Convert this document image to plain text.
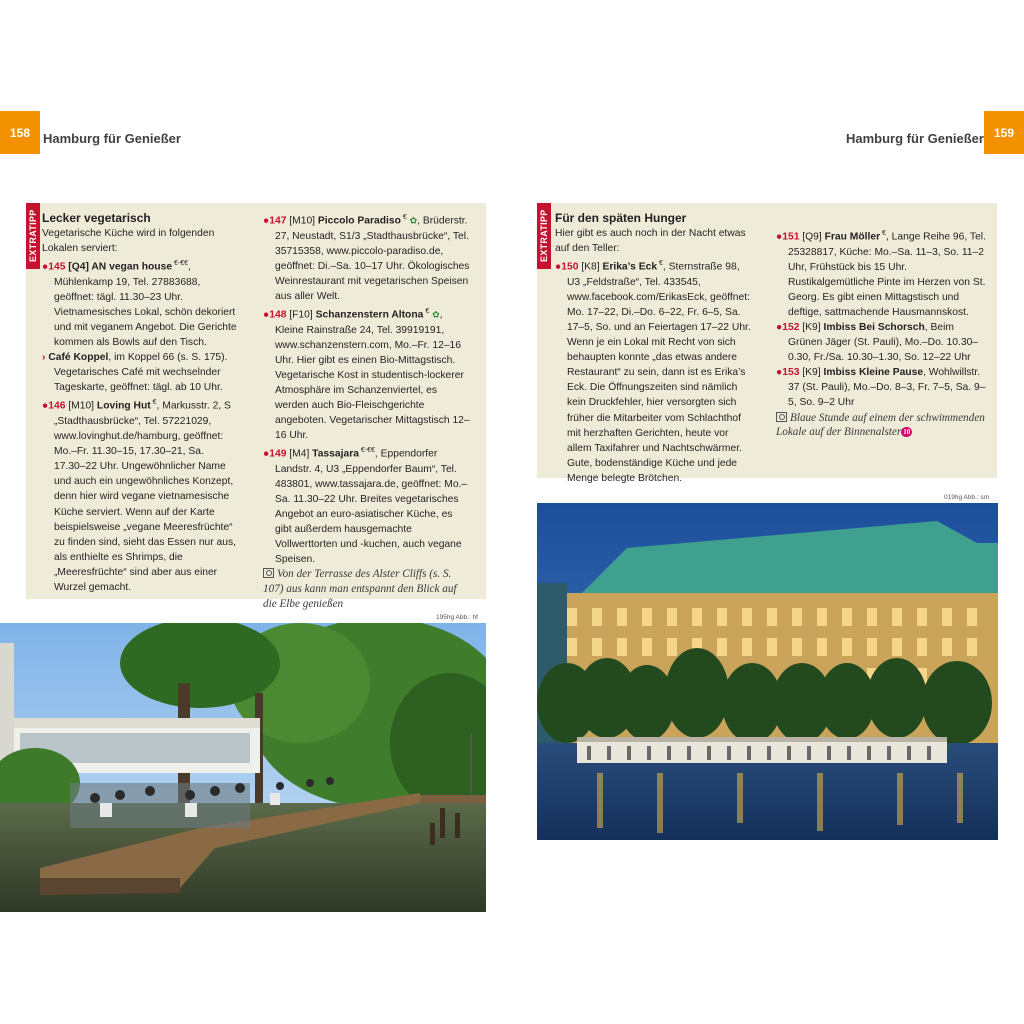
158 Hamburg für Genießer
EXTRATIPP Lecker vegetarisch

Vegetarische Küche wird in folgenden Lokalen serviert:

●145 [Q4] AN vegan house €-€€, Mühlenkamp 19, Tel. 27883688, geöffnet: tägl. 11.30–23 Uhr. Vietnamesisches Lokal, schön dekoriert und mit veganem Angebot. Die Gerichte kommen als Bowls auf den Tisch.

› Café Koppel, im Koppel 66 (s. S. 175). Vegetarisches Café mit wechselnder Tageskarte, geöffnet: tägl. ab 10 Uhr.

●146 [M10] Loving Hut €, Markusstr. 2, S „Stadthausbrücke“, Tel. 57221029, www.lovinghut.de/hamburg, geöffnet: Mo.–Fr. 11.30–15, 17.30–21, Sa. 17.30–22 Uhr. Ungewöhnlicher Name und auch ein ungewöhnliches Konzept, denn hier wird vegane vietnamesische Küche serviert. Wenn auf der Karte beispielsweise „vegane Meeresfrüchte“ zu finden sind, sieht das Essen nur aus, als enthielte es Shrimps, die „Meeresfrüchte“ sind aber aus einer Wurzel gemacht.

●147 [M10] Piccolo Paradiso € ✿, Brüderstr. 27, Neustadt, S1/3 „Stadthausbrücke“, Tel. 35715358, www.piccolo-paradiso.de, geöffnet: Di.–Sa. 10–17 Uhr. Ökologisches Weinrestaurant mit vegetarischen Speisen aus aller Welt.

●148 [F10] Schanzenstern Altona € ✿, Kleine Rainstraße 24, Tel. 39919191, www.schanzenstern.com, Mo.–Fr. 12–16 Uhr. Hier gibt es einen Bio-Mittagstisch. Vegetarische Kost in studentisch-lockerer Atmosphäre im Schanzenviertel, es werden auch Bio-Fleischgerichte angeboten. Vegetarischer Mittagstisch 12–16 Uhr.

●149 [M4] Tassajara €-€€, Eppendorfer Landstr. 4, U3 „Eppendorfer Baum“, Tel. 483801, www.tassajara.de, geöffnet: Mo.–Sa. 11.30–22 Uhr. Breites vegetarisches Angebot an euro-asiatischer Küche, es gibt außerdem hausgemachte Vollwerttorten und -kuchen, auch vegane Speisen.

Von der Terrasse des Alster Cliffs (s. S. 107) aus kann man entspannt den Blick auf die Elbe genießen

195hg Abb.: hf
Hamburg für Genießer 159
EXTRATIPP Für den späten Hunger

Hier gibt es auch noch in der Nacht etwas auf den Teller:

●150 [K8] Erika’s Eck €, Sternstraße 98, U3 „Feldstraße“, Tel. 433545, www.facebook.com/ErikasEck, geöffnet: Mo. 17–22, Di.–Do. 6–22, Fr. 6–5, Sa. 17–5, So. und an Feiertagen 17–22 Uhr. Wenn je ein Lokal mit Recht von sich behaupten konnte „das etwas andere Restaurant“ zu sein, dann ist es Erika’s Eck. Die Öffnungszeiten sind nämlich kein Druckfehler, hier versorgten sich früher die Mitarbeiter vom Schlachthof mit herzhaften Gerichten, heute vor allem Taxifahrer und Nachtschwärmer. Gute, bodenständige Küche und jede Menge belegte Brötchen.

●151 [Q9] Frau Möller €, Lange Reihe 96, Tel. 25328817, Küche: Mo.–Sa. 11–3, So. 11–2 Uhr, Frühstück bis 15 Uhr. Rustikalgemütliche Pinte im Herzen von St. Georg. Es gibt einen Mittagstisch und deftige, sattmachende Hausmannskost.

●152 [K9] Imbiss Bei Schorsch, Beim Grünen Jäger (St. Pauli), Mo.–Do. 10.30–0.30, Fr./Sa. 10.30–1.30, So. 12–22 Uhr

●153 [K9] Imbiss Kleine Pause, Wohlwillstr. 37 (St. Pauli), Mo.–Do. 8–3, Fr. 7–5, Sa. 9–5, So. 9–2 Uhr

Blaue Stunde auf einem der schwimmenden Lokale auf der Binnenalster 10

019hg Abb.: sm
